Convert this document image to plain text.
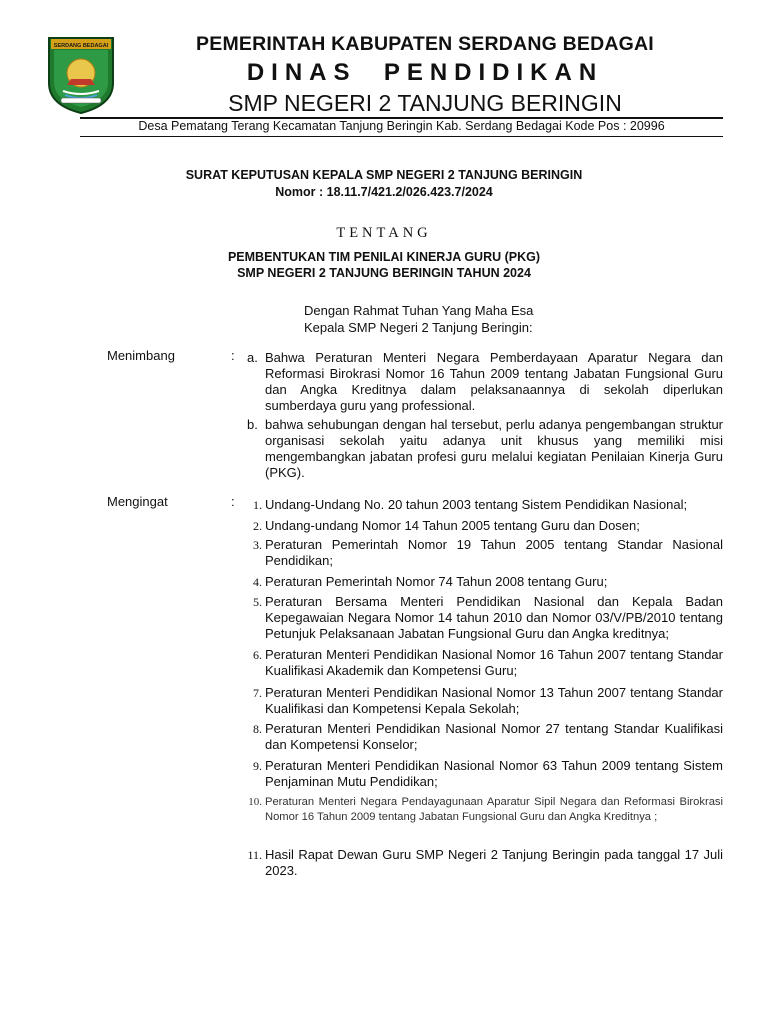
SERDANG BEDAGAI	PEMERINTAH KABUPATEN SERDANG BEDAGAI
DINAS  PENDIDIKAN
SMP NEGERI 2 TANJUNG BERINGIN
Desa Pematang Terang Kecamatan Tanjung Beringin Kab. Serdang Bedagai Kode Pos : 20996
SURAT KEPUTUSAN KEPALA SMP NEGERI 2 TANJUNG BERINGIN
Nomor : 18.11.7/421.2/026.423.7/2024
TENTANG
PEMBENTUKAN TIM PENILAI KINERJA GURU (PKG)
SMP NEGERI 2 TANJUNG BERINGIN TAHUN 2024
Dengan Rahmat Tuhan Yang Maha Esa
Kepala SMP Negeri 2 Tanjung Beringin:
Menimbang	: a. Bahwa Peraturan Menteri Negara Pemberdayaan Aparatur Negara dan Reformasi Birokrasi Nomor 16 Tahun 2009 tentang Jabatan Fungsional Guru dan Angka Kreditnya dalam pelaksanaannya di sekolah diperlukan sumberdaya guru yang professional.
b. bahwa sehubungan dengan hal tersebut, perlu adanya pengembangan struktur organisasi sekolah yaitu adanya unit khusus yang memiliki misi mengembangkan jabatan profesi guru melalui kegiatan Penilaian Kinerja Guru (PKG).
Mengingat	:	1. Undang-Undang No. 20 tahun 2003 tentang Sistem Pendidikan Nasional;
2. Undang-undang Nomor 14 Tahun 2005 tentang Guru dan Dosen;
3. Peraturan Pemerintah Nomor 19 Tahun 2005 tentang Standar Nasional Pendidikan;
4. Peraturan Pemerintah Nomor 74 Tahun 2008 tentang Guru;
5. Peraturan Bersama Menteri Pendidikan Nasional dan Kepala Badan Kepegawaian Negara Nomor 14 tahun 2010 dan Nomor 03/V/PB/2010 tentang Petunjuk Pelaksanaan Jabatan Fungsional Guru dan Angka kreditnya;
6. Peraturan Menteri Pendidikan Nasional Nomor 16 Tahun 2007 tentang Standar Kualifikasi Akademik dan Kompetensi Guru;
7. Peraturan Menteri Pendidikan Nasional Nomor 13 Tahun 2007 tentang Standar Kualifikasi dan Kompetensi Kepala Sekolah;
8. Peraturan Menteri Pendidikan Nasional Nomor 27 tentang Standar Kualifikasi dan Kompetensi Konselor;
9. Peraturan Menteri Pendidikan Nasional Nomor 63 Tahun 2009 tentang Sistem Penjaminan Mutu Pendidikan;
10. Peraturan Menteri Negara Pendayagunaan Aparatur Sipil Negara dan Reformasi Birokrasi Nomor 16 Tahun 2009 tentang Jabatan Fungsional Guru dan Angka Kreditnya ;
11. Hasil Rapat Dewan Guru SMP Negeri 2 Tanjung Beringin pada tanggal 17 Juli 2023.
